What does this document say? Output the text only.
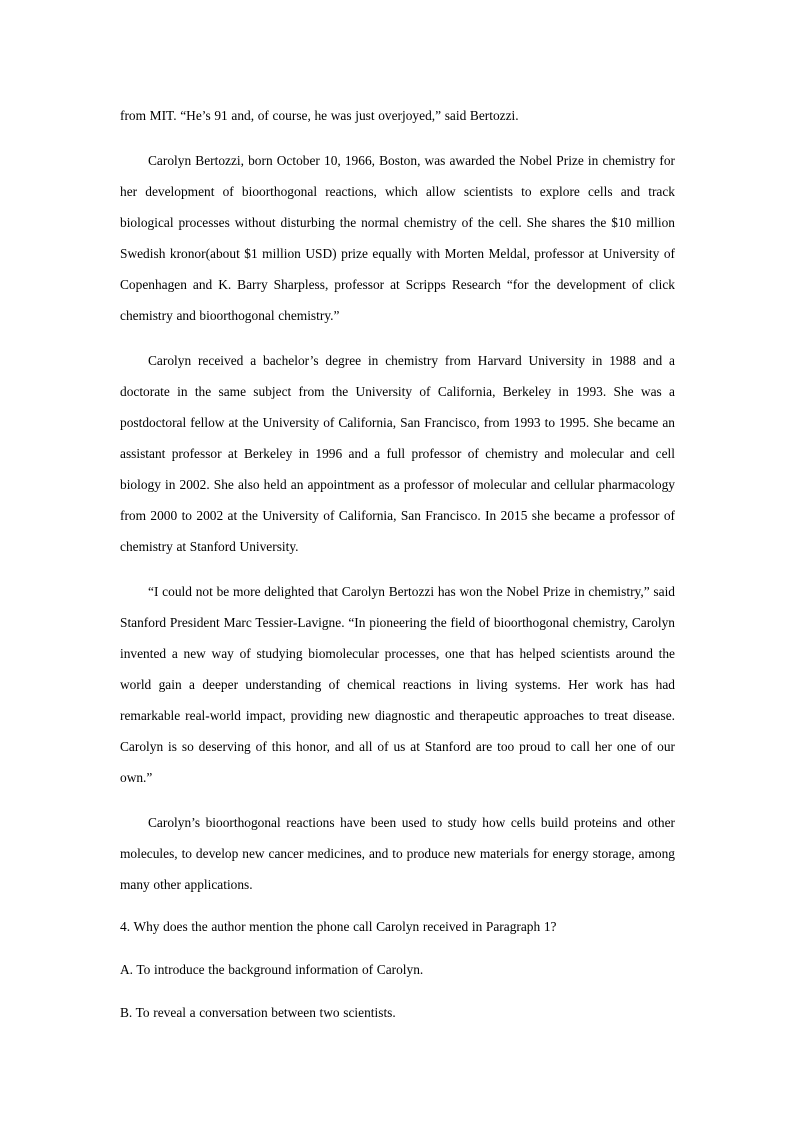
from MIT. “He’s 91 and, of course, he was just overjoyed,” said Bertozzi.

Carolyn Bertozzi, born October 10, 1966, Boston, was awarded the Nobel Prize in chemistry for her development of bioorthogonal reactions, which allow scientists to explore cells and track biological processes without disturbing the normal chemistry of the cell. She shares the $10 million Swedish kronor(about $1 million USD) prize equally with Morten Meldal, professor at University of Copenhagen and K. Barry Sharpless, professor at Scripps Research “for the development of click chemistry and bioorthogonal chemistry.”

Carolyn received a bachelor’s degree in chemistry from Harvard University in 1988 and a doctorate in the same subject from the University of California, Berkeley in 1993. She was a postdoctoral fellow at the University of California, San Francisco, from 1993 to 1995. She became an assistant professor at Berkeley in 1996 and a full professor of chemistry and molecular and cell biology in 2002. She also held an appointment as a professor of molecular and cellular pharmacology from 2000 to 2002 at the University of California, San Francisco. In 2015 she became a professor of chemistry at Stanford University.

“I could not be more delighted that Carolyn Bertozzi has won the Nobel Prize in chemistry,” said Stanford President Marc Tessier-Lavigne. “In pioneering the field of bioorthogonal chemistry, Carolyn invented a new way of studying biomolecular processes, one that has helped scientists around the world gain a deeper understanding of chemical reactions in living systems. Her work has had remarkable real-world impact, providing new diagnostic and therapeutic approaches to treat disease. Carolyn is so deserving of this honor, and all of us at Stanford are too proud to call her one of our own.”

Carolyn’s bioorthogonal reactions have been used to study how cells build proteins and other molecules, to develop new cancer medicines, and to produce new materials for energy storage, among many other applications.

4. Why does the author mention the phone call Carolyn received in Paragraph 1?

A. To introduce the background information of Carolyn.

B. To reveal a conversation between two scientists.
